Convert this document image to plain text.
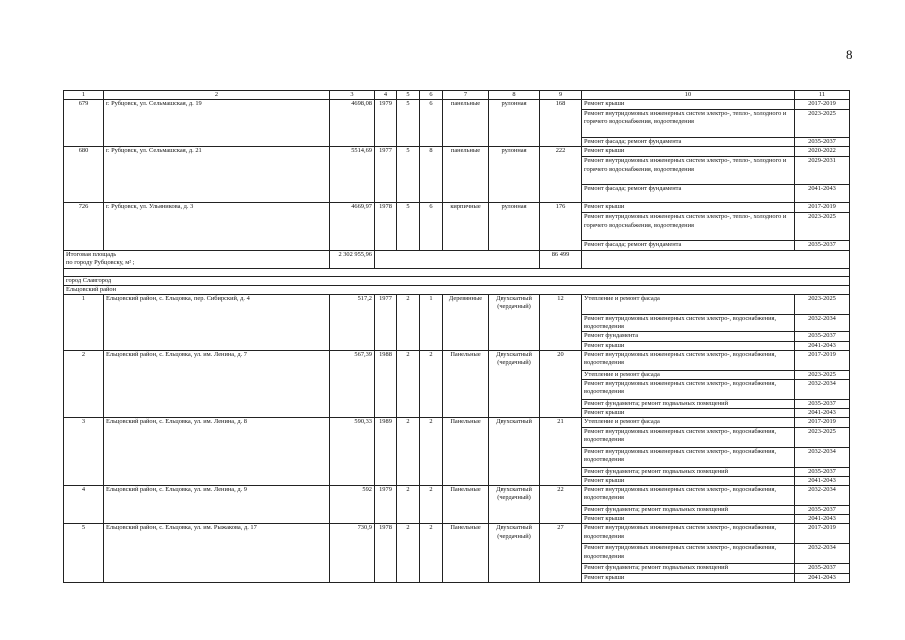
8
1	2	3	4	5	6	7	8	9	10	11
679	г. Рубцовск, ул. Сельмашская, д. 19	4698,08	1979	5	6	панельные	рулонная	168	Ремонт крыши	2017-2019
									Ремонт внутридомовых инженерных систем электро-, тепло-, холодного и горячего водоснабжения, водоотведения	2023-2025
									Ремонт фасада; ремонт фундамента	2035-2037
680	г. Рубцовск, ул. Сельмашская, д. 21	5514,69	1977	5	8	панельные	рулонная	222	Ремонт крыши	2020-2022
									Ремонт внутридомовых инженерных систем электро-, тепло-, холодного и горячего водоснабжения, водоотведения	2029-2031
									Ремонт фасада; ремонт фундамента	2041-2043
726	г. Рубцовск, ул. Ульяникова, д. 3	4669,97	1978	5	6	кирпичные	рулонная	176	Ремонт крыши	2017-2019
									Ремонт внутридомовых инженерных систем электро-, тепло-, холодного и горячего водоснабжения, водоотведения	2023-2025
									Ремонт фасада; ремонт фундамента	2035-2037

Итоговая площадь
по городу Рубцовску, м² ;		2 302 955,96						86 499		

город Славгород										
Ельцовский район										
1	Ельцовский район, с. Ельцовка, пер. Сибирский, д. 4	517,2	1977	2	1	Деревянные	Двухскатный (чердачный)	12	Утепление и ремонт фасада	2023-2025
									Ремонт внутридомовых инженерных систем электро-, водоснабжения, водоотведения	2032-2034
									Ремонт фундамента	2035-2037
									Ремонт крыши	2041-2043
2	Ельцовский район, с. Ельцовка, ул. им. Ленина, д. 7	567,39	1988	2	2	Панельные	Двухскатный (чердачный)	20	Ремонт внутридомовых инженерных систем электро-, водоснабжения, водоотведения	2017-2019
									Утепление и ремонт фасада	2023-2025
									Ремонт внутридомовых инженерных систем электро-, водоснабжения, водоотведения	2032-2034
									Ремонт фундамента; ремонт подвальных помещений	2035-2037
									Ремонт крыши	2041-2043
3	Ельцовский район, с. Ельцовка, ул. им. Ленина, д. 8	590,33	1989	2	2	Панельные	Двухскатный	21	Утепление и ремонт фасада	2017-2019
									Ремонт внутридомовых инженерных систем электро-, водоснабжения, водоотведения	2023-2025
									Ремонт внутридомовых инженерных систем электро-, водоснабжения, водоотведения	2032-2034
									Ремонт фундамента; ремонт подвальных помещений	2035-2037
									Ремонт крыши	2041-2043
4	Ельцовский район, с. Ельцовка, ул. им. Ленина, д. 9	592	1979	2	2	Панельные	Двухскатный (чердачный)	22	Ремонт внутридомовых инженерных систем электро-, водоснабжения, водоотведения	2032-2034
									Ремонт фундамента; ремонт подвальных помещений	2035-2037
									Ремонт крыши	2041-2043
5	Ельцовский район, с. Ельцовка, ул. им. Рыжакова, д. 17	730,9	1978	2	2	Панельные	Двухскатный (чердачный)	27	Ремонт внутридомовых инженерных систем электро-, водоснабжения, водоотведения	2017-2019
									Ремонт внутридомовых инженерных систем электро-, водоснабжения, водоотведения	2032-2034
									Ремонт фундамента; ремонт подвальных помещений	2035-2037
									Ремонт крыши	2041-2043
